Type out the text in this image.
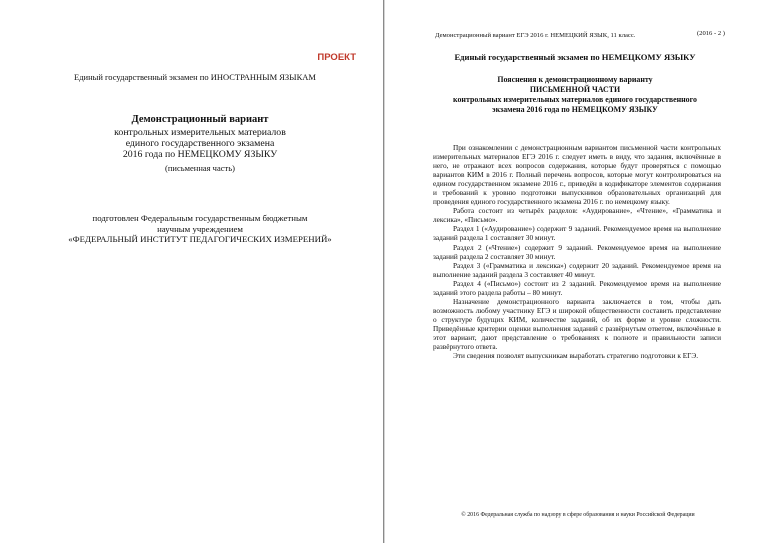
ПРОЕКТ
Единый государственный экзамен по ИНОСТРАННЫМ ЯЗЫКАМ
Демонстрационный вариант
контрольных измерительных материалов
единого государственного экзамена
2016 года по НЕМЕЦКОМУ ЯЗЫКУ
(письменная часть)
подготовлен Федеральным государственным бюджетным
научным учреждением
«ФЕДЕРАЛЬНЫЙ ИНСТИТУТ ПЕДАГОГИЧЕСКИХ ИЗМЕРЕНИЙ»
Демонстрационный вариант ЕГЭ 2016 г. НЕМЕЦКИЙ ЯЗЫК, 11 класс.	(2016 - 2 )
Единый государственный экзамен по НЕМЕЦКОМУ ЯЗЫКУ
Пояснения к демонстрационному варианту
ПИСЬМЕННОЙ ЧАСТИ
контрольных измерительных материалов единого государственного
экзамена 2016 года по НЕМЕЦКОМУ ЯЗЫКУ

При ознакомлении с демонстрационным вариантом письменной части контрольных измерительных материалов ЕГЭ 2016 г. следует иметь в виду, что задания, включённые в него, не отражают всех вопросов содержания, которые будут проверяться с помощью вариантов КИМ в 2016 г. Полный перечень вопросов, которые могут контролироваться на едином государственном экзамене 2016 г., приведён в кодификаторе элементов содержания и требований к уровню подготовки выпускников образовательных организаций для проведения единого государственного экзамена 2016 г. по немецкому языку.

Работа состоит из четырёх разделов: «Аудирование», «Чтение», «Грамматика и лексика», «Письмо».

Раздел 1 («Аудирование») содержит 9 заданий. Рекомендуемое время на выполнение заданий раздела 1 составляет 30 минут.

Раздел 2 («Чтение») содержит 9 заданий. Рекомендуемое время на выполнение заданий раздела 2 составляет 30 минут.

Раздел 3 («Грамматика и лексика») содержит 20 заданий. Рекомендуемое время на выполнение заданий раздела 3 составляет 40 минут.

Раздел 4 («Письмо») состоит из 2 заданий. Рекомендуемое время на выполнение заданий этого раздела работы – 80 минут.

Назначение демонстрационного варианта заключается в том, чтобы дать возможность любому участнику ЕГЭ и широкой общественности составить представление о структуре будущих КИМ, количестве заданий, об их форме и уровне сложности. Приведённые критерии оценки выполнения заданий с развёрнутым ответом, включённые в этот вариант, дают представление о требованиях к полноте и правильности записи развёрнутого ответа.

Эти сведения позволят выпускникам выработать стратегию подготовки к ЕГЭ.

© 2016 Федеральная служба по надзору в сфере образования и науки Российской Федерации
